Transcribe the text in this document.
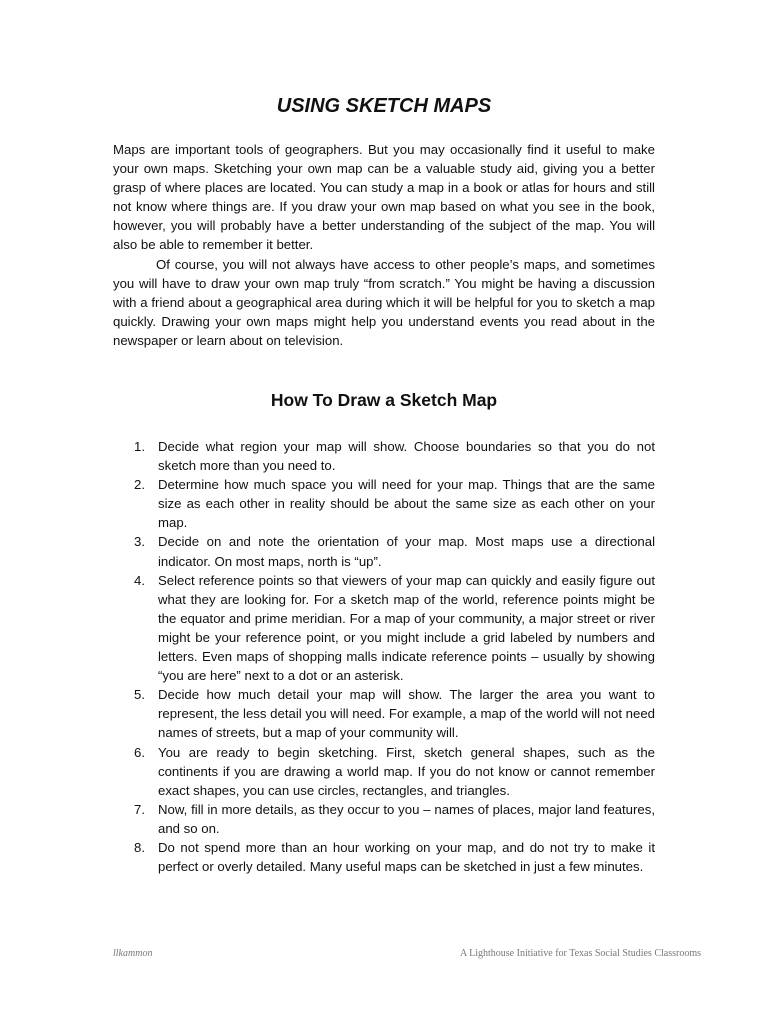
USING SKETCH MAPS

Maps are important tools of geographers. But you may occasionally find it useful to make your own maps. Sketching your own map can be a valuable study aid, giving you a better grasp of where places are located. You can study a map in a book or atlas for hours and still not know where things are. If you draw your own map based on what you see in the book, however, you will probably have a better understanding of the subject of the map. You will also be able to remember it better.

Of course, you will not always have access to other people’s maps, and sometimes you will have to draw your own map truly “from scratch.” You might be having a discussion with a friend about a geographical area during which it will be helpful for you to sketch a map quickly. Drawing your own maps might help you understand events you read about in the newspaper or learn about on television.

How To Draw a Sketch Map
1. Decide what region your map will show. Choose boundaries so that you do not sketch more than you need to.
2. Determine how much space you will need for your map. Things that are the same size as each other in reality should be about the same size as each other on your map.
3. Decide on and note the orientation of your map. Most maps use a directional indicator. On most maps, north is “up”.
4. Select reference points so that viewers of your map can quickly and easily figure out what they are looking for. For a sketch map of the world, reference points might be the equator and prime meridian. For a map of your community, a major street or river might be your reference point, or you might include a grid labeled by numbers and letters. Even maps of shopping malls indicate reference points – usually by showing “you are here” next to a dot or an asterisk.
5. Decide how much detail your map will show. The larger the area you want to represent, the less detail you will need. For example, a map of the world will not need names of streets, but a map of your community will.
6. You are ready to begin sketching. First, sketch general shapes, such as the continents if you are drawing a world map. If you do not know or cannot remember exact shapes, you can use circles, rectangles, and triangles.
7. Now, fill in more details, as they occur to you – names of places, major land features, and so on.
8. Do not spend more than an hour working on your map, and do not try to make it perfect or overly detailed. Many useful maps can be sketched in just a few minutes.
llkammon	A Lighthouse Initiative for Texas Social Studies Classrooms
